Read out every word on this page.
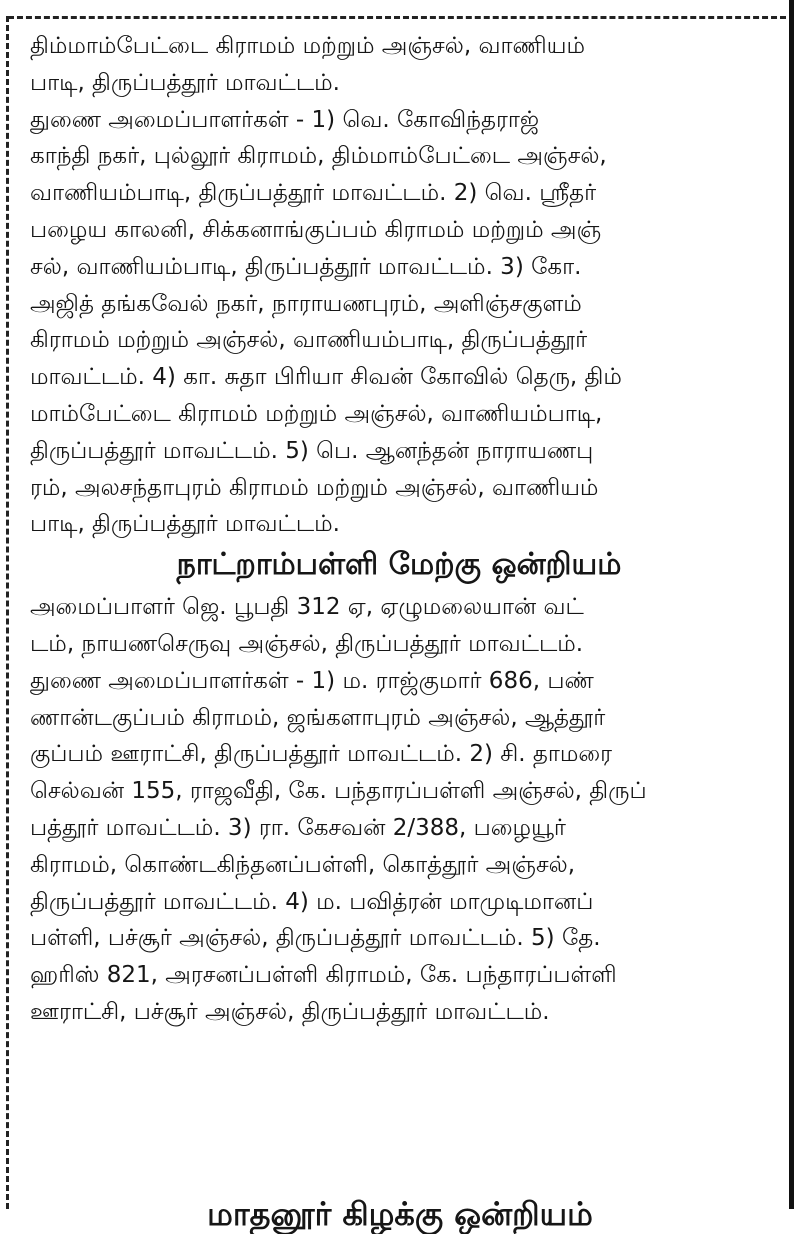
திம்மாம்பேட்டை கிராமம் மற்றும் அஞ்சல், வாணியம்
பாடி, திருப்பத்தூர் மாவட்டம்.

துணை அமைப்பாளர்கள் - 1) வெ. கோவிந்தராஜ்
காந்தி நகர், புல்லூர் கிராமம், திம்மாம்பேட்டை அஞ்சல்,
வாணியம்பாடி, திருப்பத்தூர் மாவட்டம். 2) வெ. ஸ்ரீதர்
பழைய காலனி, சிக்கனாங்குப்பம் கிராமம் மற்றும் அஞ்
சல், வாணியம்பாடி, திருப்பத்தூர் மாவட்டம். 3) கோ.
அஜித் தங்கவேல் நகர், நாராயணபுரம், அளிஞ்சகுளம்
கிராமம் மற்றும் அஞ்சல், வாணியம்பாடி, திருப்பத்தூர்
மாவட்டம். 4) கா. சுதா பிரியா சிவன் கோவில் தெரு, திம்
மாம்பேட்டை கிராமம் மற்றும் அஞ்சல், வாணியம்பாடி,
திருப்பத்தூர் மாவட்டம். 5) பெ. ஆனந்தன் நாராயணபு
ரம், அலசந்தாபுரம் கிராமம் மற்றும் அஞ்சல், வாணியம்
பாடி, திருப்பத்தூர் மாவட்டம்.

நாட்றாம்பள்ளி மேற்கு ஒன்றியம்

அமைப்பாளர் ஜெ. பூபதி 312 ஏ, ஏழுமலையான் வட்
டம், நாயணசெருவு அஞ்சல், திருப்பத்தூர் மாவட்டம்.

துணை அமைப்பாளர்கள் - 1) ம. ராஜ்குமார் 686, பண்
ணான்டகுப்பம் கிராமம், ஜங்களாபுரம் அஞ்சல், ஆத்தூர்
குப்பம் ஊராட்சி, திருப்பத்தூர் மாவட்டம். 2) சி. தாமரை
செல்வன் 155, ராஜவீதி, கே. பந்தாரப்பள்ளி அஞ்சல், திருப்
பத்தூர் மாவட்டம். 3) ரா. கேசவன் 2/388, பழையூர்
கிராமம், கொண்டகிந்தனப்பள்ளி, கொத்தூர் அஞ்சல்,
திருப்பத்தூர் மாவட்டம். 4) ம. பவித்ரன் மாமுடிமானப்
பள்ளி, பச்சூர் அஞ்சல், திருப்பத்தூர் மாவட்டம். 5) தே.
ஹரிஸ் 821, அரசனப்பள்ளி கிராமம், கே. பந்தாரப்பள்ளி
ஊராட்சி, பச்சூர் அஞ்சல், திருப்பத்தூர் மாவட்டம்.

மாதனூர் கிழக்கு ஒன்றியம்
